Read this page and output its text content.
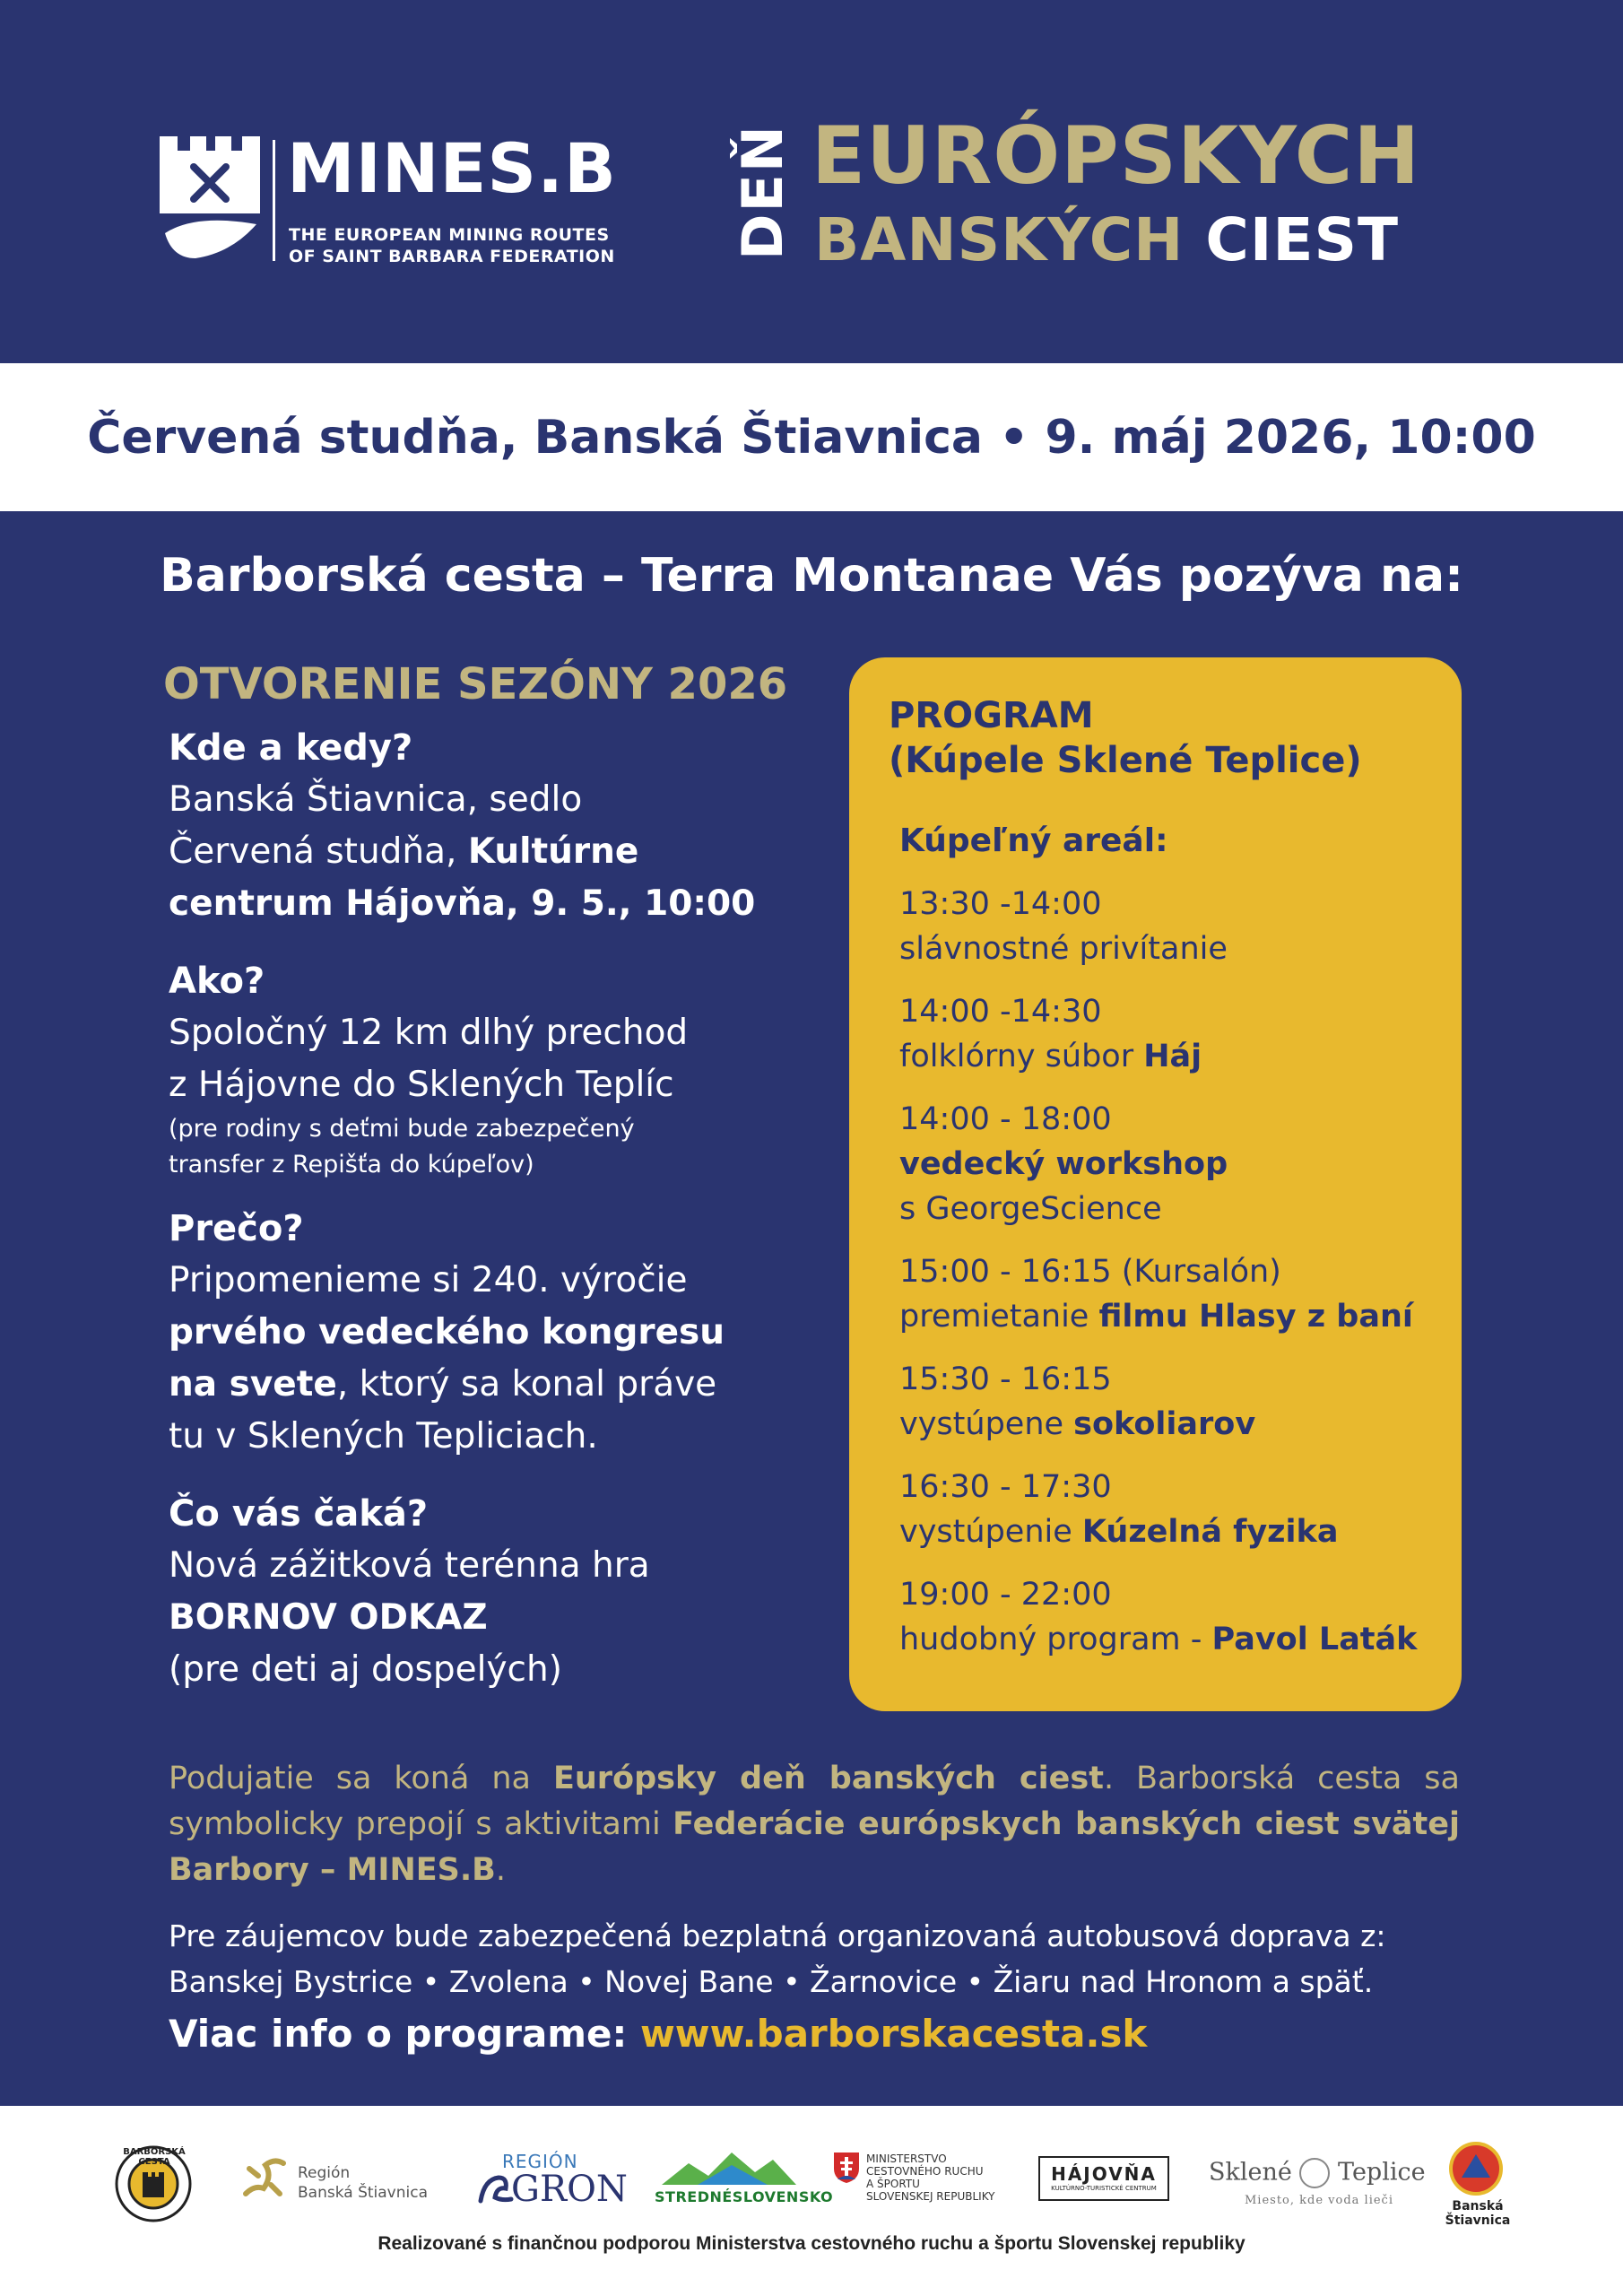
MINES.B
THE EUROPEAN MINING ROUTES
OF SAINT BARBARA FEDERATION DEŇ EURÓPSKYCH
BANSKÝCH CIEST
Červená studňa, Banská Štiavnica • 9. máj 2026, 10:00
Barborská cesta – Terra Montanae Vás pozýva na:
OTVORENIE SEZÓNY 2026
Kde a kedy?
Banská Štiavnica, sedlo
Červená studňa, Kultúrne
centrum Hájovňa, 9. 5., 10:00
Ako?
Spoločný 12 km dlhý prechod
z Hájovne do Sklených Teplíc
(pre rodiny s deťmi bude zabezpečený
transfer z Repišťa do kúpeľov)
Prečo?
Pripomenieme si 240. výročie
prvého vedeckého kongresu
na svete, ktorý sa konal práve
tu v Sklených Tepliciach.
Čo vás čaká?
Nová zážitková terénna hra
BORNOV ODKAZ
(pre deti aj dospelých)
PROGRAM
(Kúpele Sklené Teplice)
Kúpeľný areál:
13:30 -14:00
slávnostné privítanie
14:00 -14:30
folklórny súbor Háj
14:00 - 18:00
vedecký workshop
s GeorgeScience
15:00 - 16:15 (Kursalón)
premietanie filmu Hlasy z baní
15:30 - 16:15
vystúpene sokoliarov
16:30 - 17:30
vystúpenie Kúzelná fyzika
19:00 - 22:00
hudobný program - Pavol Laták
Podujatie sa koná na Európsky deň banských ciest. Barborská cesta sa symbolicky prepojí s aktivitami Federácie európskych banských ciest svätej Barbory – MINES.B.
Pre záujemcov bude zabezpečená bezplatná organizovaná autobusová doprava z:
Banskej Bystrice • Zvolena • Novej Bane • Žarnovice • Žiaru nad Hronom a späť.
Viac info o programe: www.barborskacesta.sk
BARBORSKÁ CESTA
Región
Banská Štiavnica
REGIÓN
GRON STREDNÉSLOVENSKO
MINISTERSTVO
CESTOVNÉHO RUCHU
A ŠPORTU
SLOVENSKEJ REPUBLIKY
HÁJOVŇA
KULTÚRNO-TURISTICKÉ CENTRUM
Sklené Teplice
Miesto, kde voda lieči	Banská Štiavnica
Realizované s finančnou podporou Ministerstva cestovného ruchu a športu Slovenskej republiky
